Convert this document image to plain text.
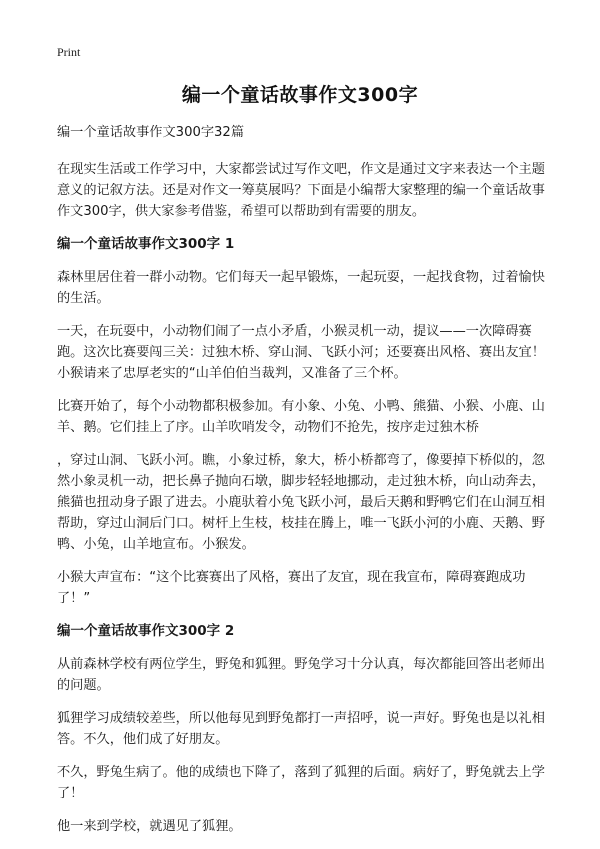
Print
编一个童话故事作文300字

编一个童话故事作文300字32篇

在现实生活或工作学习中，大家都尝试过写作文吧，作文是通过文字来表达一个主题意义的记叙方法。还是对作文一筹莫展吗？下面是小编帮大家整理的编一个童话故事作文300字，供大家参考借鉴，希望可以帮助到有需要的朋友。

编一个童话故事作文300字 1

森林里居住着一群小动物。它们每天一起早锻炼，一起玩耍，一起找食物，过着愉快的生活。

一天，在玩耍中，小动物们闹了一点小矛盾，小猴灵机一动，提议——一次障碍赛跑。这次比赛要闯三关：过独木桥、穿山洞、飞跃小河；还要赛出风格、赛出友宜！小猴请来了忠厚老实的“山羊伯伯当裁判，又准备了三个杯。

比赛开始了，每个小动物都积极参加。有小象、小兔、小鸭、熊猫、小猴、小鹿、山羊、鹅。它们挂上了序。山羊吹哨发令，动物们不抢先，按序走过独木桥

，穿过山洞、飞跃小河。瞧，小象过桥，象大，桥小桥都弯了，像要掉下桥似的，忽然小象灵机一动，把长鼻子抛向石墩，脚步轻轻地挪动，走过独木桥，向山动奔去，熊猫也扭动身子跟了进去。小鹿驮着小兔飞跃小河，最后天鹅和野鸭它们在山洞互相帮助，穿过山洞后门口。树杆上生枝，枝挂在腾上，唯一飞跃小河的小鹿、天鹅、野鸭、小兔，山羊地宣布。小猴发。

小猴大声宣布：“这个比赛赛出了风格，赛出了友宜，现在我宣布，障碍赛跑成功了！”

编一个童话故事作文300字 2

从前森林学校有两位学生，野兔和狐狸。野兔学习十分认真，每次都能回答出老师出的问题。

狐狸学习成绩较差些，所以他每见到野兔都打一声招呼，说一声好。野兔也是以礼相答。不久，他们成了好朋友。

不久，野兔生病了。他的成绩也下降了，落到了狐狸的后面。病好了，野兔就去上学了！

他一来到学校，就遇见了狐狸。
